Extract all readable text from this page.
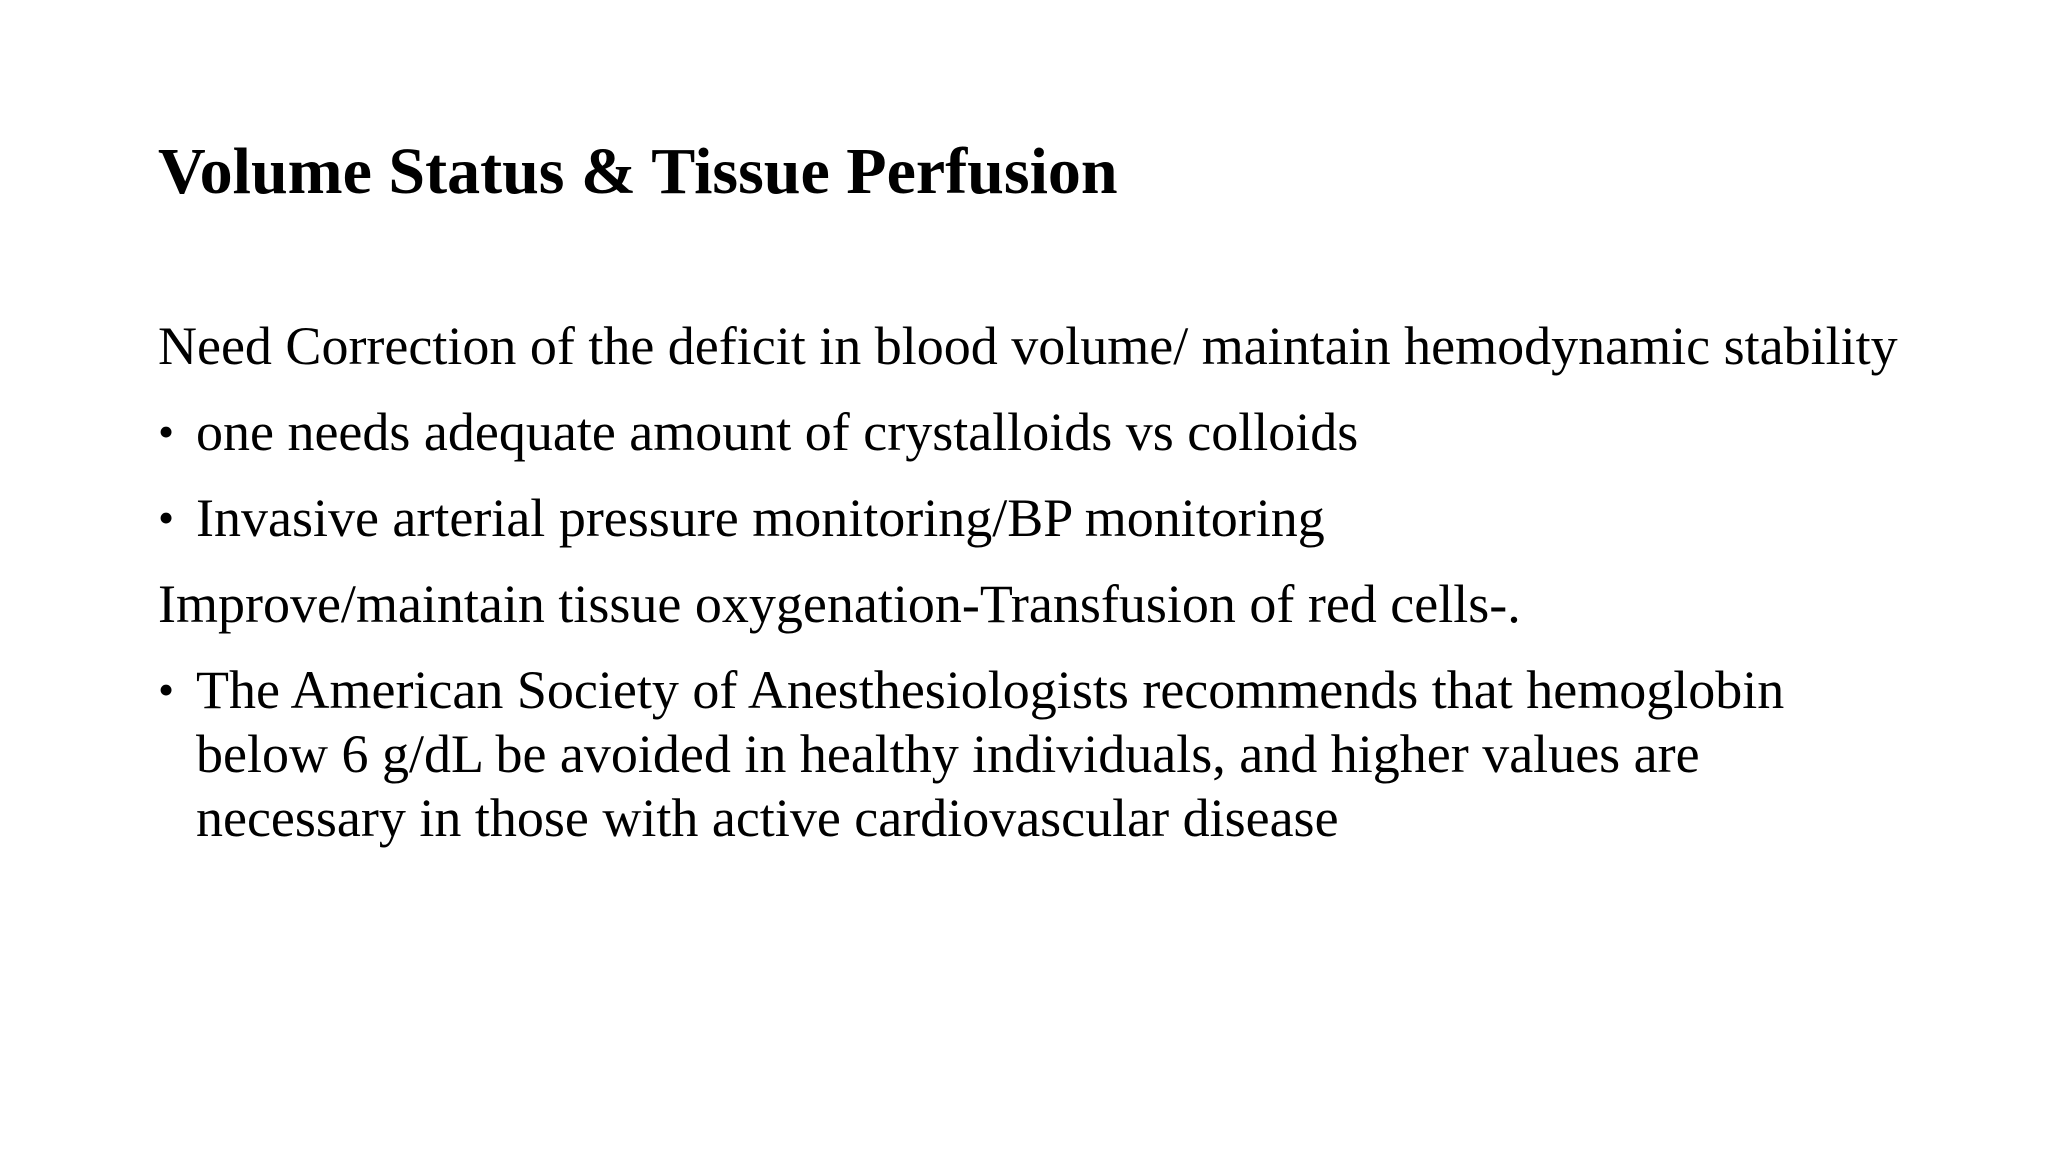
Volume Status & Tissue Perfusion

Need Correction of the deficit in blood volume/ maintain hemodynamic stability

• one needs adequate amount of crystalloids vs colloids
• Invasive arterial pressure monitoring/BP monitoring

Improve/maintain tissue oxygenation-Transfusion of red cells-.

• The American Society of Anesthesiologists recommends that hemoglobin below 6 g/dL be avoided in healthy individuals, and higher values are necessary in those with active cardiovascular disease
